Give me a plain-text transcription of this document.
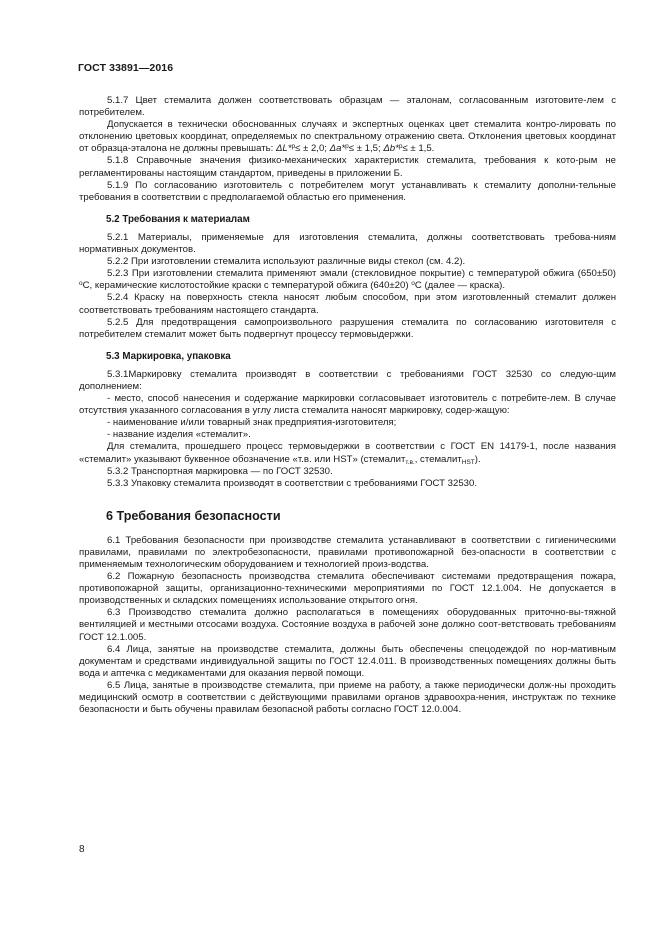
ГОСТ 33891—2016

5.1.7 Цвет стемалита должен соответствовать образцам — эталонам, согласованным изготовите-лем с потребителем.

Допускается в технически обоснованных случаях и экспертных оценках цвет стемалита контро-лировать по отклонению цветовых координат, определяемых по спектральному отражению света. Отклонения цветовых координат от образца-эталона не должны превышать: ΔL*$^p$≤ ± 2,0; Δa*$^p$≤ ± 1,5; Δb*$^p$≤ ± 1,5.

5.1.8 Справочные значения физико-механических характеристик стемалита, требования к кото-рым не регламентированы настоящим стандартом, приведены в приложении Б.

5.1.9 По согласованию изготовитель с потребителем могут устанавливать к стемалиту дополни-тельные требования в соответствии с предполагаемой областью его применения.

5.2 Требования к материалам

5.2.1 Материалы, применяемые для изготовления стемалита, должны соответствовать требова-ниям нормативных документов.

5.2.2 При изготовлении стемалита используют различные виды стекол (см. 4.2).

5.2.3 При изготовлении стемалита применяют эмали (стекловидное покрытие) с температурой обжига (650±50) $^o$C, керамические кислотостойкие краски с температурой обжига (640±20) $^o$C (далее — краска).

5.2.4 Краску на поверхность стекла наносят любым способом, при этом изготовленный стемалит должен соответствовать требованиям настоящего стандарта.

5.2.5 Для предотвращения самопроизвольного разрушения стемалита по согласованию изготовителя с потребителем стемалит может быть подвергнут процессу термовыдержки.

5.3 Маркировка, упаковка

5.3.1Маркировку стемалита производят в соответствии с требованиями ГОСТ 32530 со следую-щим дополнением:

- место, способ нанесения и содержание маркировки согласовывает изготовитель с потребите-лем. В случае отсутствия указанного согласования в углу листа стемалита наносят маркировку, содер-жащую:

- наименование и/или товарный знак предприятия-изготовителя;

- название изделия «стемалит».

Для стемалита, прошедшего процесс термовыдержки в соответствии с ГОСТ EN 14179-1, после названия «стемалит» указывают буквенное обозначение «т.в. или HST» (стемалит$_{т.в.}$, стемалит$_{HST}$).

5.3.2 Транспортная маркировка — по ГОСТ 32530.

5.3.3 Упаковку стемалита производят в соответствии с требованиями ГОСТ 32530.

6 Требования безопасности

6.1 Требования безопасности при производстве стемалита устанавливают в соответствии с гигиеническими правилами, правилами по электробезопасности, правилами противопожарной без-опасности в соответствии с применяемым технологическим оборудованием и технологией произ-водства.

6.2 Пожарную безопасность производства стемалита обеспечивают системами предотвращения пожара, противопожарной защиты, организационно-техническими мероприятиями по ГОСТ 12.1.004. Не допускается в производственных и складских помещениях использование открытого огня.

6.3 Производство стемалита должно располагаться в помещениях оборудованных приточно-вы-тяжной вентиляцией и местными отсосами воздуха. Состояние воздуха в рабочей зоне должно соот-ветствовать требованиям ГОСТ 12.1.005.

6.4 Лица, занятые на производстве стемалита, должны быть обеспечены спецодеждой по нор-мативным документам и средствами индивидуальной защиты по ГОСТ 12.4.011. В производственных помещениях должны быть вода и аптечка с медикаментами для оказания первой помощи.

6.5 Лица, занятые в производстве стемалита, при приеме на работу, а также периодически долж-ны проходить медицинский осмотр в соответствии с действующими правилами органов здравоохра-нения, инструктаж по технике безопасности и быть обучены правилам безопасной работы согласно ГОСТ 12.0.004.

8
